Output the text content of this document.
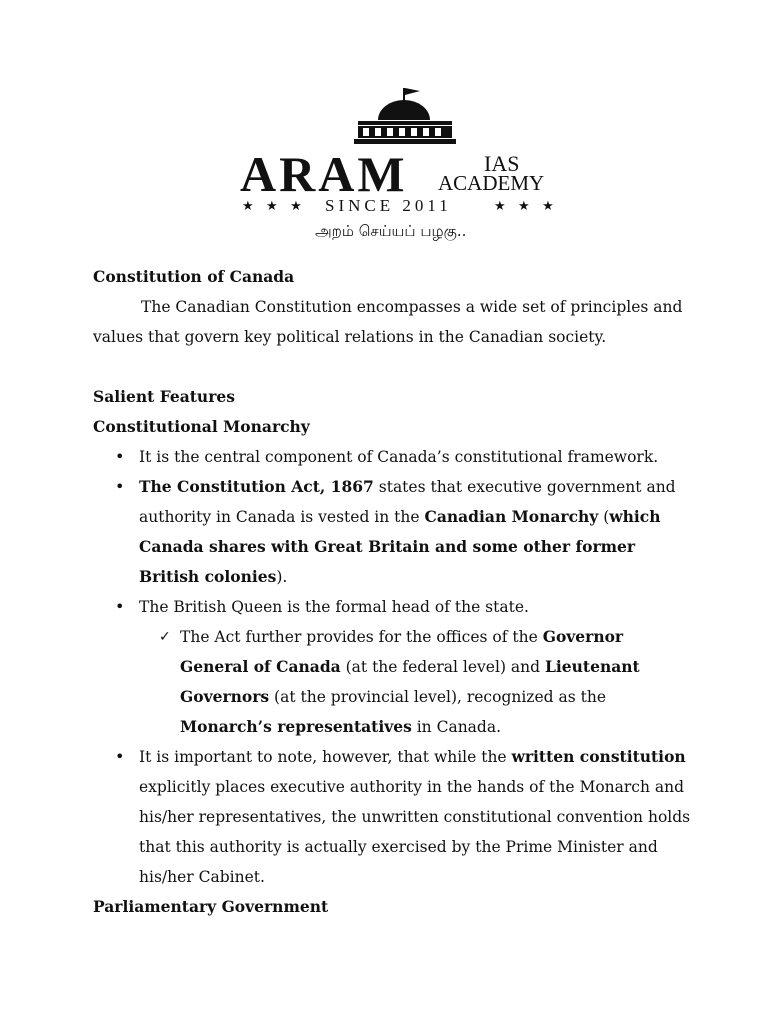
ARAM	IAS
ACADEMY
★   ★   ★ SINCE 2011	★   ★   ★
அறம் செய்யப் பழகு..

Constitution of Canada

The Canadian Constitution encompasses a wide set of principles and values that govern key political relations in the Canadian society.

Salient Features

Constitutional Monarchy

• It is the central component of Canada’s constitutional framework.
• The Constitution Act, 1867 states that executive government and authority in Canada is vested in the Canadian Monarchy (which Canada shares with Great Britain and some other former British colonies).
• The British Queen is the formal head of the state.
✓ The Act further provides for the offices of the Governor General of Canada (at the federal level) and Lieutenant Governors (at the provincial level), recognized as the Monarch’s representatives in Canada.
• It is important to note, however, that while the written constitution explicitly places executive authority in the hands of the Monarch and his/her representatives, the unwritten constitutional convention holds that this authority is actually exercised by the Prime Minister and his/her Cabinet.

Parliamentary Government
